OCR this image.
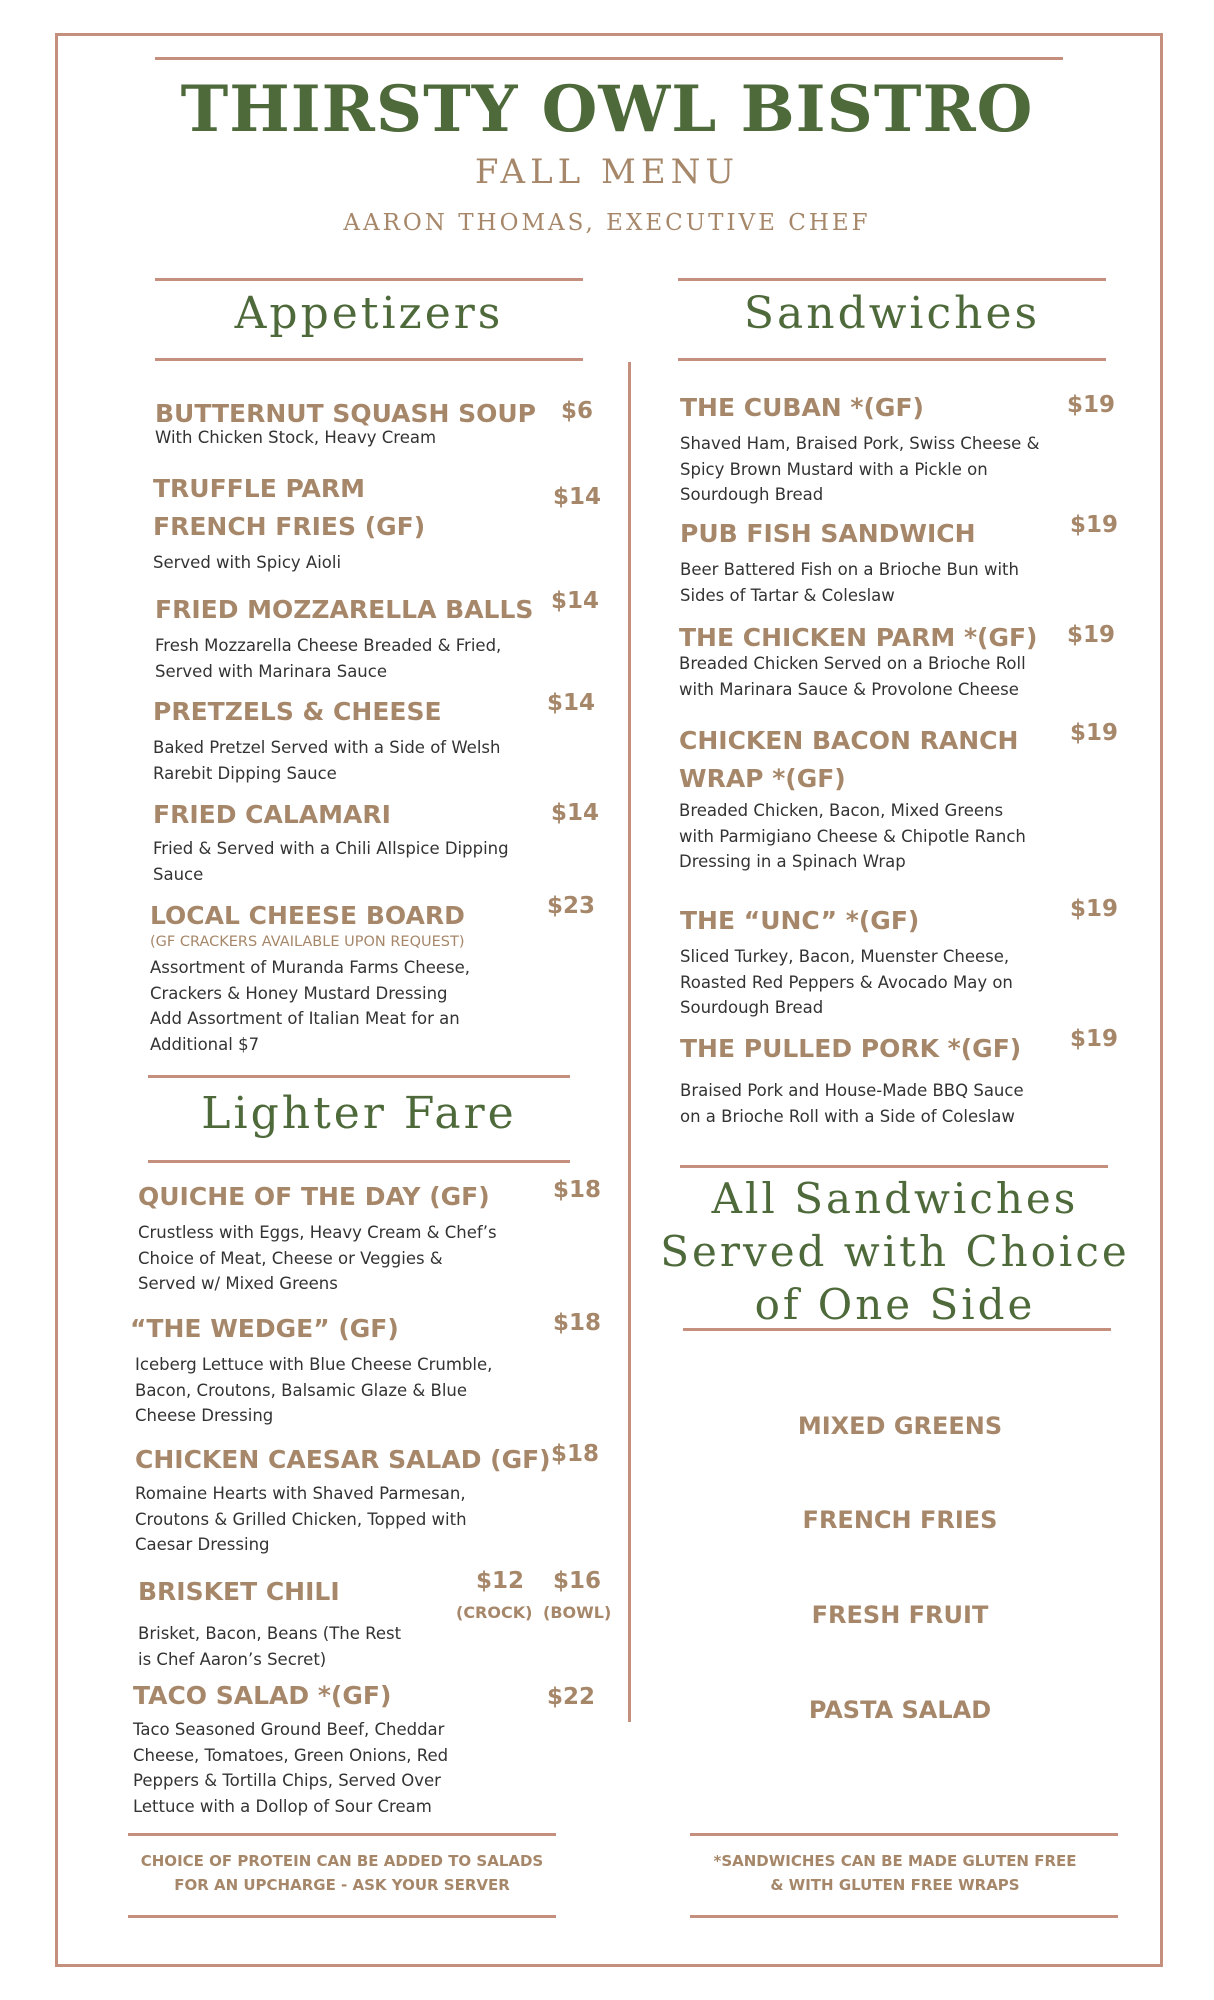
THIRSTY OWL BISTRO
FALL MENU
AARON THOMAS, EXECUTIVE CHEF
Appetizers	Sandwiches
BUTTERNUT SQUASH SOUP
With Chicken Stock, Heavy Cream
$6
TRUFFLE PARM
FRENCH FRIES (GF)
Served with Spicy Aioli
$14
FRIED MOZZARELLA BALLS
Fresh Mozzarella Cheese Breaded & Fried,
Served with Marinara Sauce
$14
PRETZELS & CHEESE
Baked Pretzel Served with a Side of Welsh
Rarebit Dipping Sauce
$14
FRIED CALAMARI
Fried & Served with a Chili Allspice Dipping
Sauce
$14
LOCAL CHEESE BOARD
(GF CRACKERS AVAILABLE UPON REQUEST)
Assortment of Muranda Farms Cheese,
Crackers & Honey Mustard Dressing
Add Assortment of Italian Meat for an
Additional $7
$23
Lighter Fare
QUICHE OF THE DAY (GF)
Crustless with Eggs, Heavy Cream & Chef’s
Choice of Meat, Cheese or Veggies &
Served w/ Mixed Greens
$18
“THE WEDGE” (GF)
Iceberg Lettuce with Blue Cheese Crumble,
Bacon, Croutons, Balsamic Glaze & Blue
Cheese Dressing
$18
CHICKEN CAESAR SALAD (GF)
Romaine Hearts with Shaved Parmesan,
Croutons & Grilled Chicken, Topped with
Caesar Dressing
$18
BRISKET CHILI
Brisket, Bacon, Beans (The Rest
is Chef Aaron’s Secret)
$12 $16
(CROCK) (BOWL)
TACO SALAD *(GF)
Taco Seasoned Ground Beef, Cheddar
Cheese, Tomatoes, Green Onions, Red
Peppers & Tortilla Chips, Served Over
Lettuce with a Dollop of Sour Cream
$22
CHOICE OF PROTEIN CAN BE ADDED TO SALADS
FOR AN UPCHARGE - ASK YOUR SERVER
THE CUBAN *(GF)
Shaved Ham, Braised Pork, Swiss Cheese &
Spicy Brown Mustard with a Pickle on
Sourdough Bread
$19
PUB FISH SANDWICH
Beer Battered Fish on a Brioche Bun with
Sides of Tartar & Coleslaw
$19
THE CHICKEN PARM *(GF)
Breaded Chicken Served on a Brioche Roll
with Marinara Sauce & Provolone Cheese
$19
CHICKEN BACON RANCH
WRAP *(GF)
Breaded Chicken, Bacon, Mixed Greens
with Parmigiano Cheese & Chipotle Ranch
Dressing in a Spinach Wrap
$19
THE “UNC” *(GF)
Sliced Turkey, Bacon, Muenster Cheese,
Roasted Red Peppers & Avocado May on
Sourdough Bread
$19
THE PULLED PORK *(GF)
Braised Pork and House-Made BBQ Sauce
on a Brioche Roll with a Side of Coleslaw
$19
All Sandwiches
Served with Choice
of One Side
MIXED GREENS
FRENCH FRIES
FRESH FRUIT
PASTA SALAD
*SANDWICHES CAN BE MADE GLUTEN FREE
& WITH GLUTEN FREE WRAPS
